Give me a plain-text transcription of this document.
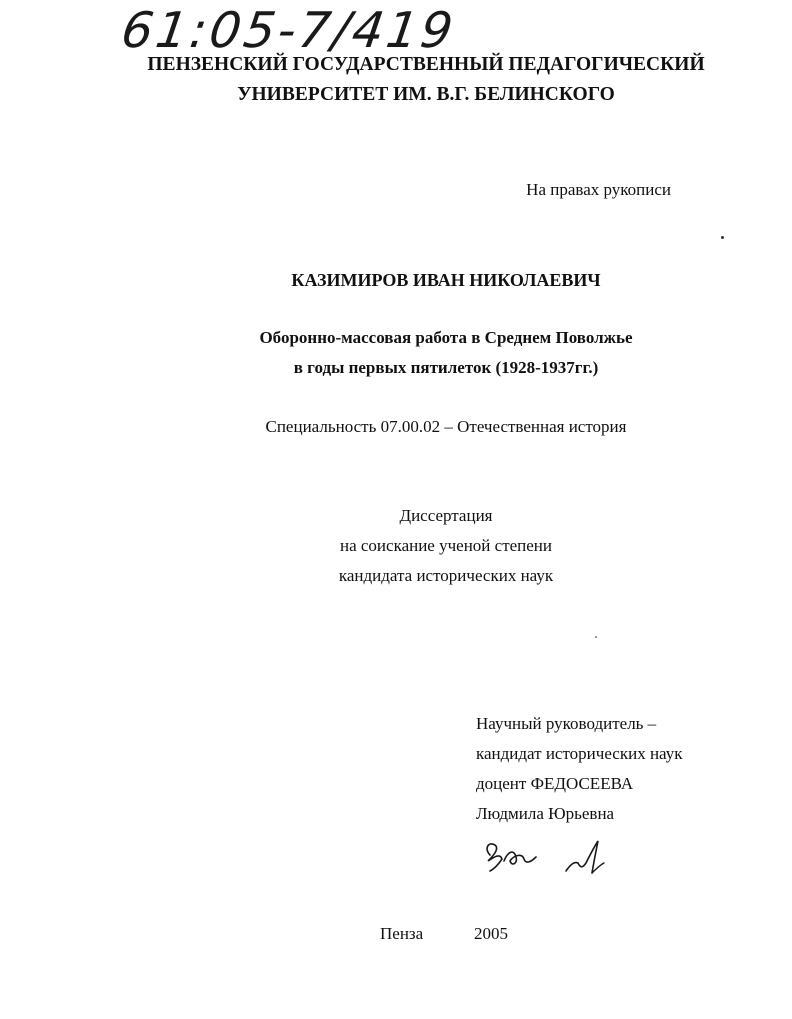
61:05-7/419
ПЕНЗЕНСКИЙ ГОСУДАРСТВЕННЫЙ ПЕДАГОГИЧЕСКИЙ
УНИВЕРСИТЕТ ИМ. В.Г. БЕЛИНСКОГО
На правах рукописи
КАЗИМИРОВ ИВАН НИКОЛАЕВИЧ
Оборонно-массовая работа в Среднем Поволжье
в годы первых пятилеток (1928-1937гг.)
Специальность 07.00.02 – Отечественная история
Диссертация
на соискание ученой степени
кандидата исторических наук
Научный руководитель –
кандидат исторических наук
доцент ФЕДОСЕЕВА
Людмила Юрьевна
Пенза	2005
